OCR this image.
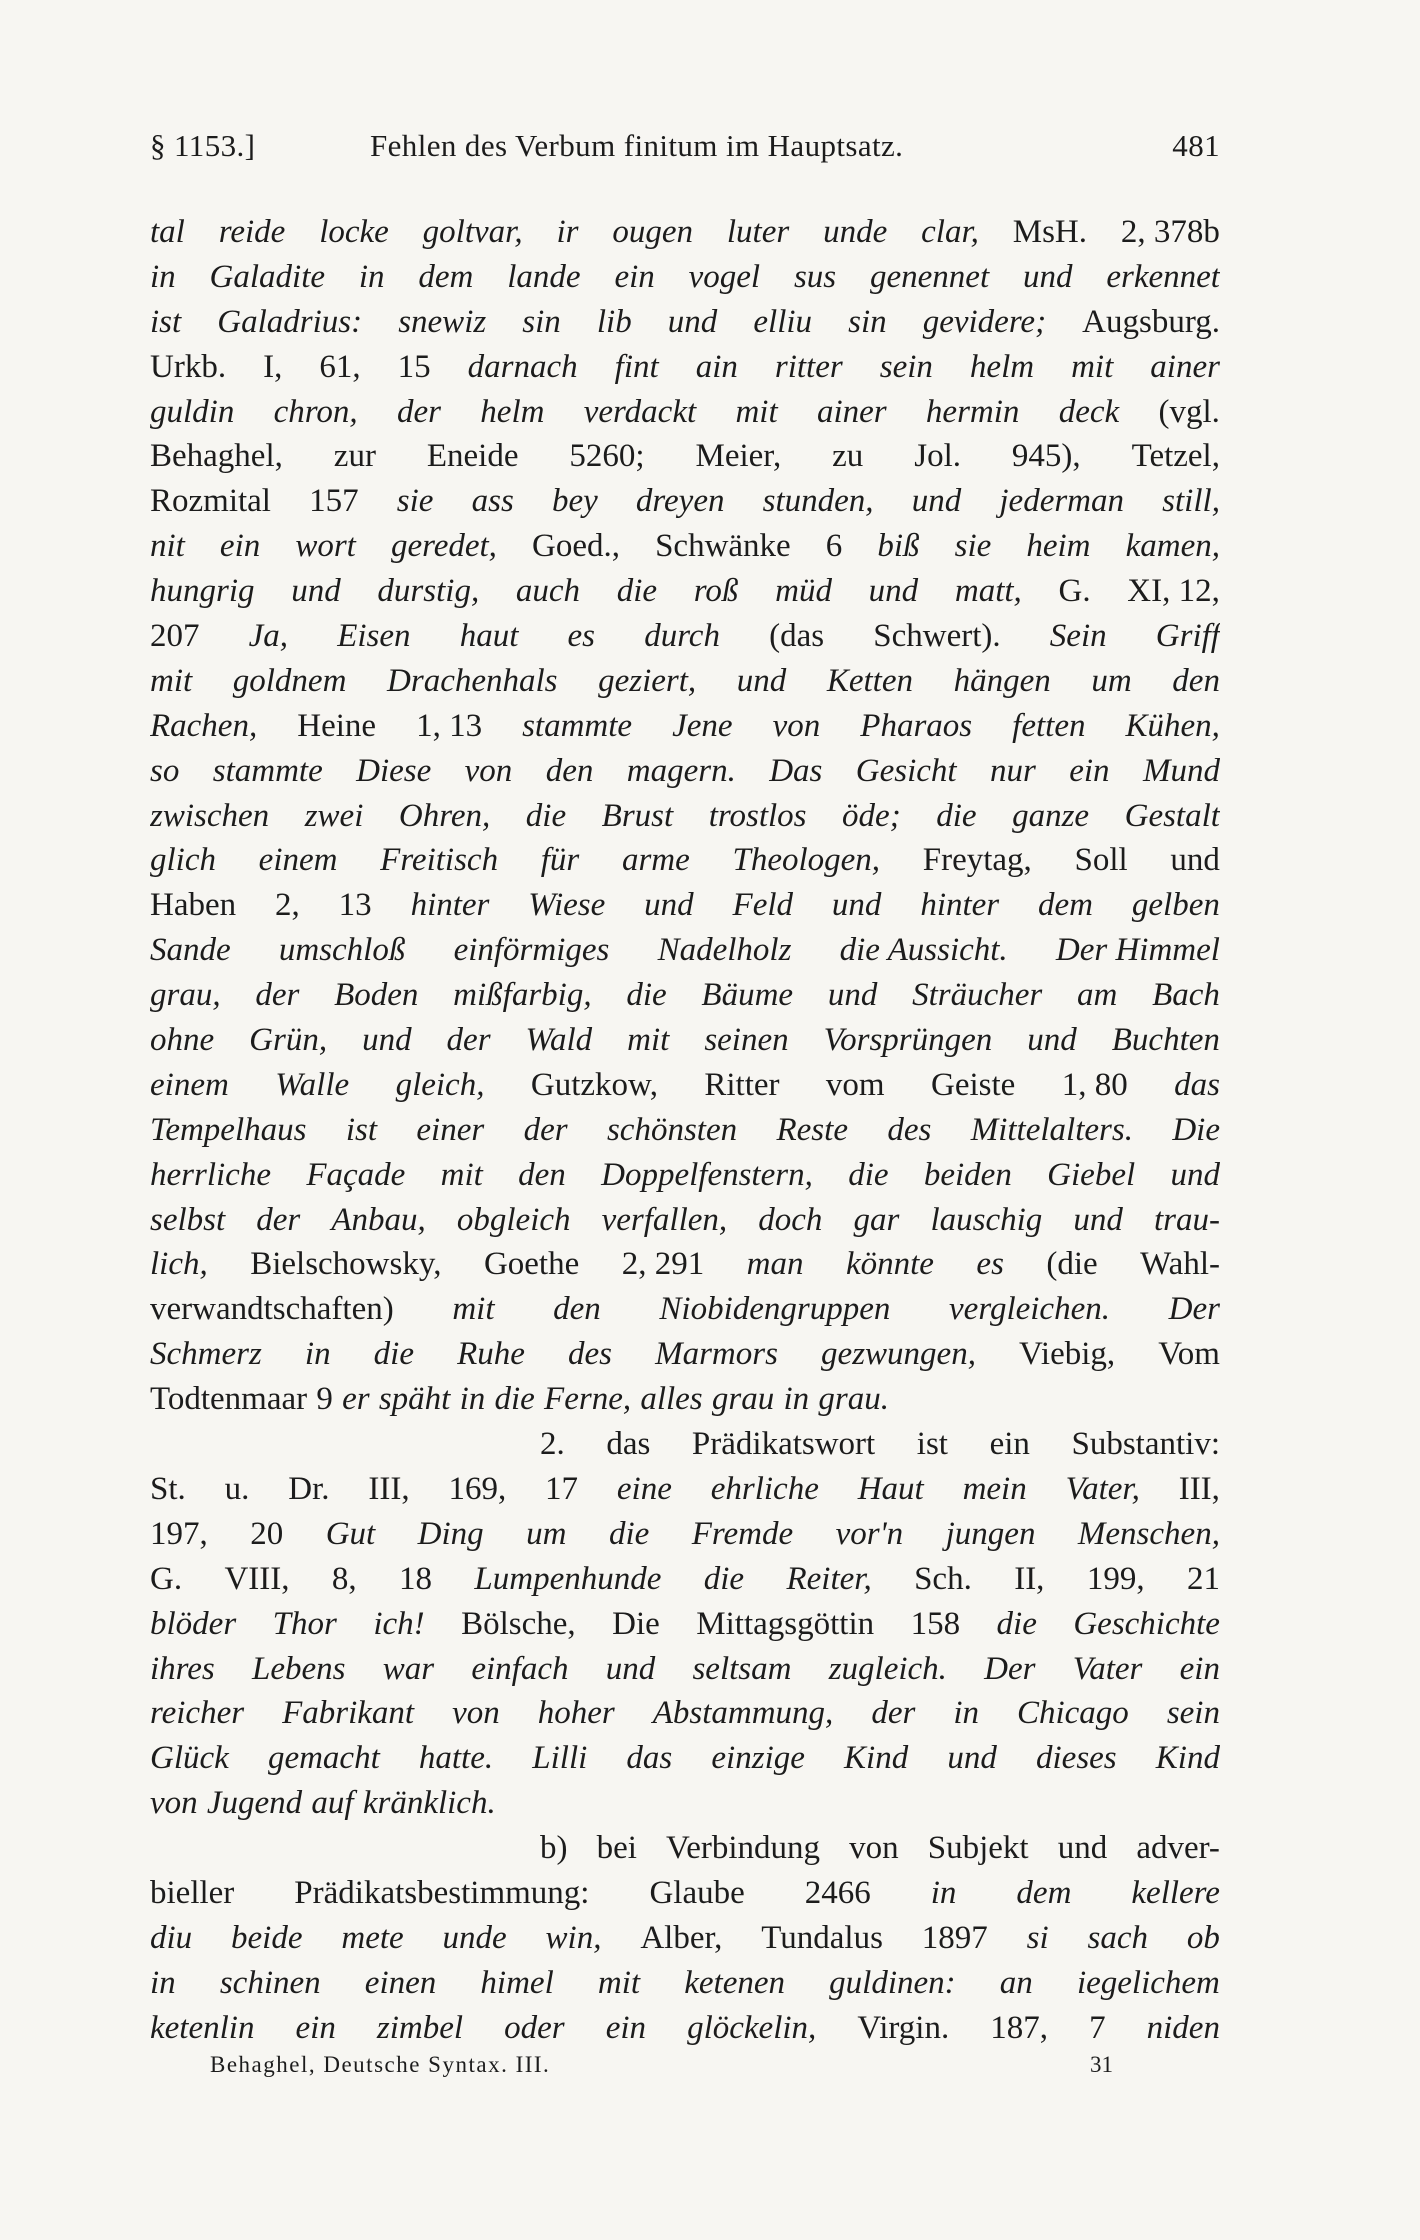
§ 1153.]	Fehlen des Verbum finitum im Hauptsatz.	481
tal reide locke goltvar, ir ougen luter unde clar, MsH. 2, 378b
in Galadite in dem lande ein vogel sus genennet und erkennet
ist Galadrius: snewiz sin lib und elliu sin gevidere; Augsburg.
Urkb. I, 61, 15 darnach fint ain ritter sein helm mit ainer
guldin chron, der helm verdackt mit ainer hermin deck (vgl.
Behaghel, zur Eneide 5260; Meier, zu Jol. 945), Tetzel,
Rozmital 157 sie ass bey dreyen stunden, und jederman still,
nit ein wort geredet, Goed., Schwänke 6 biß sie heim kamen,
hungrig und durstig, auch die roß müd und matt, G. XI, 12,
207 Ja, Eisen haut es durch (das Schwert). Sein Griff
mit goldnem Drachenhals geziert, und Ketten hängen um den
Rachen, Heine 1, 13 stammte Jene von Pharaos fetten Kühen,
so stammte Diese von den magern. Das Gesicht nur ein Mund
zwischen zwei Ohren, die Brust trostlos öde; die ganze Gestalt
glich einem Freitisch für arme Theologen, Freytag, Soll und
Haben 2, 13 hinter Wiese und Feld und hinter dem gelben
Sande umschloß einförmiges Nadelholz die Aussicht. Der Himmel
grau, der Boden mißfarbig, die Bäume und Sträucher am Bach
ohne Grün, und der Wald mit seinen Vorsprüngen und Buchten
einem Walle gleich, Gutzkow, Ritter vom Geiste 1, 80 das
Tempelhaus ist einer der schönsten Reste des Mittelalters. Die
herrliche Façade mit den Doppelfenstern, die beiden Giebel und
selbst der Anbau, obgleich verfallen, doch gar lauschig und trau-
lich, Bielschowsky, Goethe 2, 291 man könnte es (die Wahl-
verwandtschaften) mit den Niobidengruppen vergleichen. Der
Schmerz in die Ruhe des Marmors gezwungen, Viebig, Vom
Todtenmaar 9 er späht in die Ferne, alles grau in grau.
2. das Prädikatswort ist ein Substantiv:
St. u. Dr. III, 169, 17 eine ehrliche Haut mein Vater, III,
197, 20 Gut Ding um die Fremde vor'n jungen Menschen,
G. VIII, 8, 18 Lumpenhunde die Reiter, Sch. II, 199, 21
blöder Thor ich! Bölsche, Die Mittagsgöttin 158 die Geschichte
ihres Lebens war einfach und seltsam zugleich. Der Vater ein
reicher Fabrikant von hoher Abstammung, der in Chicago sein
Glück gemacht hatte. Lilli das einzige Kind und dieses Kind
von Jugend auf kränklich.
b) bei Verbindung von Subjekt und adver-
bieller Prädikatsbestimmung: Glaube 2466 in dem kellere
diu beide mete unde win, Alber, Tundalus 1897 si sach ob
in schinen einen himel mit ketenen guldinen: an iegelichem
ketenlin ein zimbel oder ein glöckelin, Virgin. 187, 7 niden
Behaghel, Deutsche Syntax. III.	31
